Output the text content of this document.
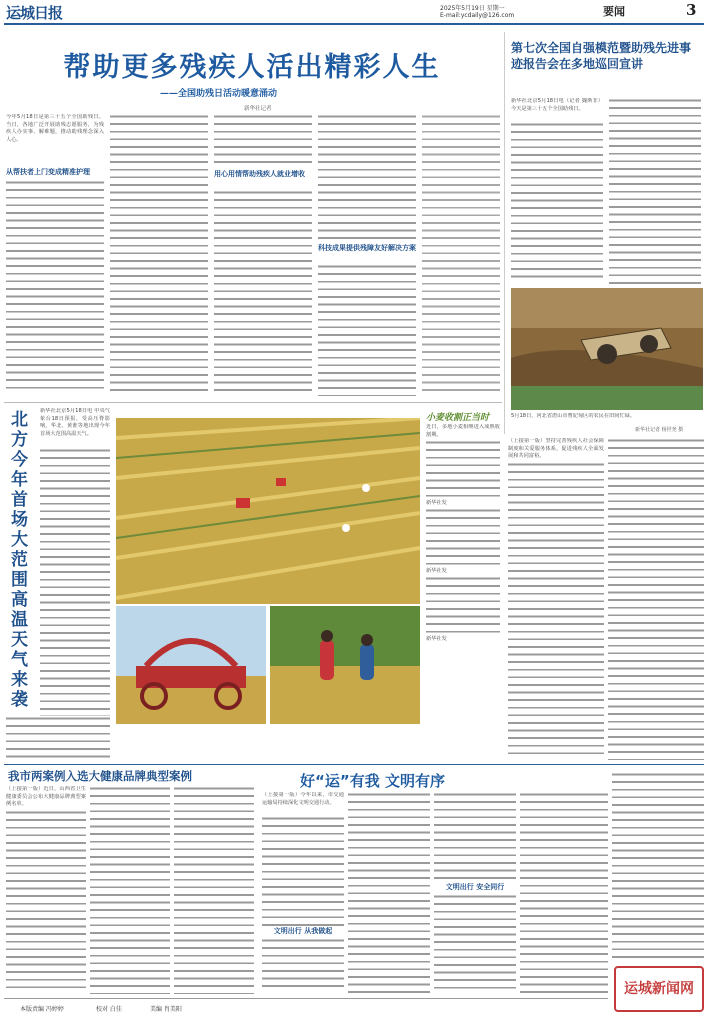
运城日报	2025年5月19日 星期一
E-mail:ycdaily@126.com	要闻	3
帮助更多残疾人活出精彩人生
——全国助残日活动暖意涌动
新华社记者

今年5月18日是第三十五个全国助残日。当日，各地广泛开展助残志愿服务，为残疾人办实事、解难题，推动助残理念深入人心。

从帮扶者上门变成精准护理	用心用情帮助残疾人就业增收

科技成果提供残障友好解决方案

第七次全国自强模范暨助残先进事迹报告会在多地巡回宣讲

新华社北京5月18日电（记者 魏斯非）今天是第三十五个全国助残日。

5月18日，河北省唐山市曹妃甸区的农民在田间忙碌。
新华社记者 杨世尧 摄
北方今年首场大范围高温天气来袭	新华社北京5月18日电 中央气象台18日预报，受高压脊影响，华北、黄淮等地出现今年首场大范围高温天气。

小麦收割正当时

近日，多地小麦相继进入成熟收割期。

新华社发

新华社发

新华社发

（上接第一版）坚持完善残疾人社会保障制度和关爱服务体系，促进残疾人全面发展和共同富裕。

我市两案例入选大健康品牌典型案例

（上接第一版）近日，山西省卫生健康委员会公布大健康品牌典型案例名单。

好“运”有我 文明有序

（上接第一版）今年以来，市交通运输局持续深化文明交通行动。

文明出行 从我做起

文明出行 安全同行

运城新闻网
本版责编 冯婷婷	校对 白佳	美编 肖美阳
